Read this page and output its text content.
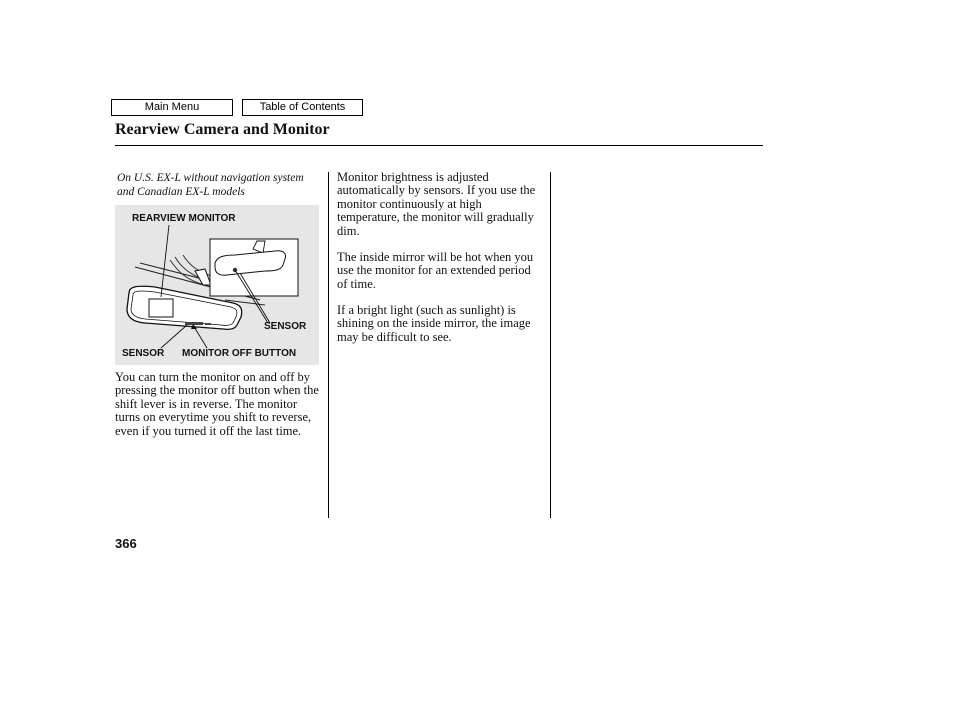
Main Menu	Table of Contents
Rearview Camera and Monitor
On U.S. EX-L without navigation system and Canadian EX-L models
REARVIEW MONITOR
SENSOR
SENSOR MONITOR OFF BUTTON
You can turn the monitor on and off by pressing the monitor off button when the shift lever is in reverse. The monitor turns on everytime you shift to reverse, even if you turned it off the last time.
Monitor brightness is adjusted automatically by sensors. If you use the monitor continuously at high temperature, the monitor will gradually dim.
The inside mirror will be hot when you use the monitor for an extended period of time.
If a bright light (such as sunlight) is shining on the inside mirror, the image may be difficult to see.
366
